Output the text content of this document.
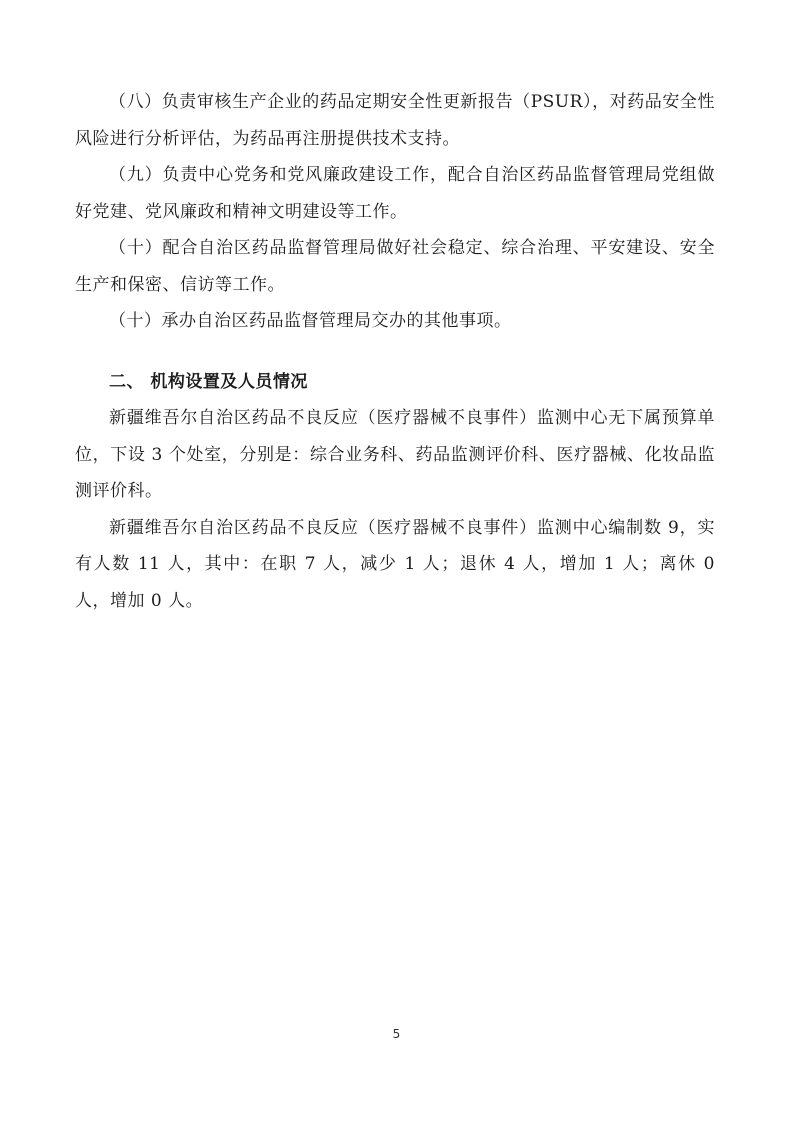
（八）负责审核生产企业的药品定期安全性更新报告（PSUR），对药品安全性风险进行分析评估，为药品再注册提供技术支持。

（九）负责中心党务和党风廉政建设工作，配合自治区药品监督管理局党组做好党建、党风廉政和精神文明建设等工作。

（十）配合自治区药品监督管理局做好社会稳定、综合治理、平安建设、安全生产和保密、信访等工作。

（十）承办自治区药品监督管理局交办的其他事项。

二、 机构设置及人员情况

新疆维吾尔自治区药品不良反应（医疗器械不良事件）监测中心无下属预算单位，下设 3 个处室，分别是：综合业务科、药品监测评价科、医疗器械、化妆品监测评价科。

新疆维吾尔自治区药品不良反应（医疗器械不良事件）监测中心编制数 9，实有人数 11 人，其中：在职 7 人，减少 1 人；退休 4 人，增加 1 人；离休 0 人，增加 0 人。

5
